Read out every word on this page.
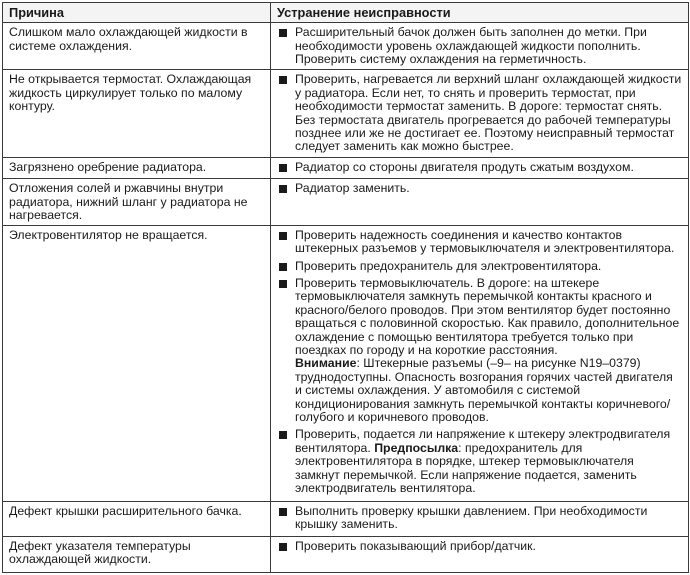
Причина	Устранение неисправности
Слишком мало охлаждающей жидкости в системе охлаждения.	Расширительный бачок должен быть заполнен до метки. При необходимости уровень охлаждающей жидкости пополнить. Проверить систему охлаждения на герметичность.

Не открывается термостат. Охлаждающая жидкость циркулирует только по малому контуру.	Проверить, нагревается ли верхний шланг охлаждающей жидкости у радиатора. Если нет, то снять и проверить термостат, при необходимости термостат заменить. В дороге: термостат снять. Без термостата двигатель прогревается до рабочей температуры позднее или же не достигает ее. Поэтому неисправный термостат следует заменить как можно быстрее.

Загрязнено оребрение радиатора.	Радиатор со стороны двигателя продуть сжатым воздухом.

Отложения солей и ржавчины внутри радиатора, нижний шланг у радиатора не нагревается.	Радиатор заменить.

Электровентилятор не вращается.	Проверить надежность соединения и качество контактов штекерных разъемов у термовыключателя и электровентилятора.
Проверить предохранитель для электровентилятора.
Проверить термовыключатель. В дороге: на штекере термовыключателя замкнуть перемычкой контакты красного и красного/белого проводов. При этом вентилятор будет постоянно вращаться с половинной скоростью. Как правило, дополнительное охлаждение с помощью вентилятора требуется только при поездках по городу и на короткие расстояния.
Внимание: Штекерные разъемы (–9– на рисунке N19–0379) труднодоступны. Опасность возгорания горячих частей двигателя и системы охлаждения. У автомобиля с системой кондиционирования замкнуть перемычкой контакты коричневого/голубого и коричневого проводов.
Проверить, подается ли напряжение к штекеру электродвигателя вентилятора. Предпосылка: предохранитель для электровентилятора в порядке, штекер термовыключателя замкнут перемычкой. Если напряжение подается, заменить электродвигатель вентилятора.

Дефект крышки расширительного бачка.	Выполнить проверку крышки давлением. При необходимости крышку заменить.

Дефект указателя температуры охлаждающей жидкости.	Проверить показывающий прибор/датчик.
